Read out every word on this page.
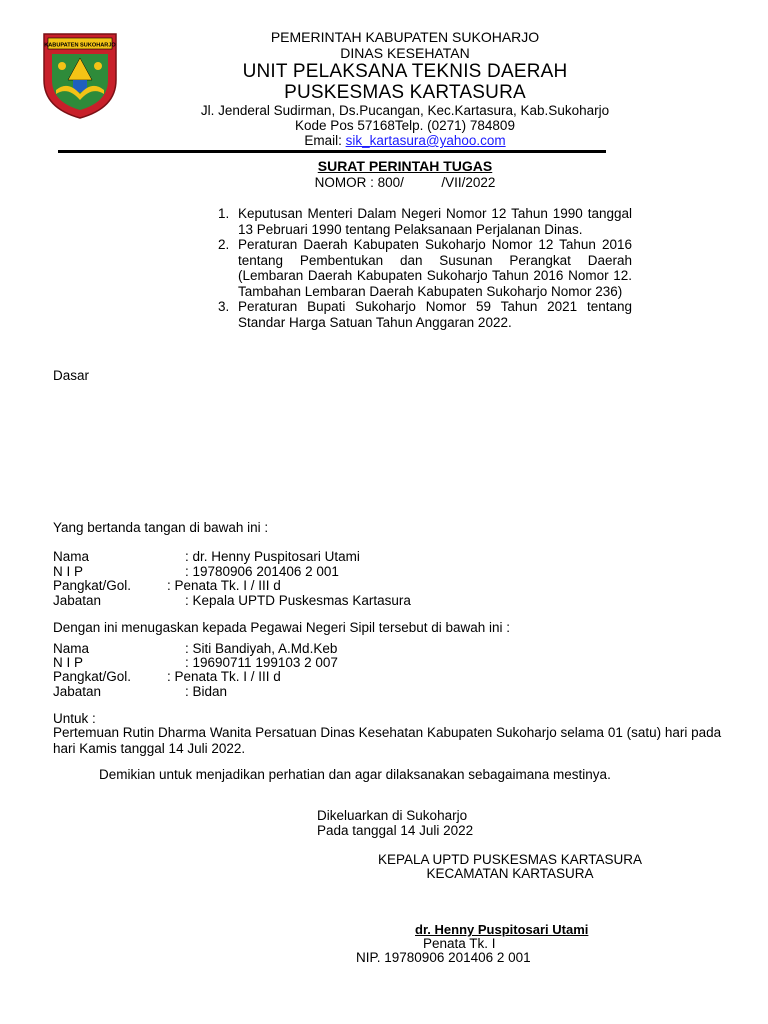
KABUPATEN SUKOHARJO
PEMERINTAH KABUPATEN SUKOHARJO
DINAS KESEHATAN
UNIT PELAKSANA TEKNIS DAERAH
PUSKESMAS KARTASURA
Jl. Jenderal Sudirman, Ds.Pucangan, Kec.Kartasura, Kab.Sukoharjo
Kode Pos 57168Telp. (0271) 784809
Email: sik_kartasura@yahoo.com
SURAT PERINTAH TUGAS
NOMOR : 800/          /VII/2022
1. Keputusan Menteri Dalam Negeri Nomor 12 Tahun 1990 tanggal 13 Pebruari 1990 tentang Pelaksanaan Perjalanan Dinas.
2. Peraturan Daerah Kabupaten Sukoharjo Nomor 12 Tahun 2016 tentang Pembentukan dan Susunan Perangkat Daerah (Lembaran Daerah Kabupaten Sukoharjo Tahun 2016 Nomor 12. Tambahan Lembaran Daerah Kabupaten Sukoharjo Nomor 236)
3. Peraturan Bupati Sukoharjo Nomor 59 Tahun 2021 tentang Standar Harga Satuan Tahun Anggaran 2022.
Dasar
Yang bertanda tangan di bawah ini :
Nama	: dr. Henny Puspitosari Utami
N I P	: 19780906 201406 2 001
Pangkat/Gol.	: Penata Tk. I / III d
Jabatan	: Kepala UPTD Puskesmas Kartasura
Dengan ini menugaskan kepada Pegawai Negeri Sipil tersebut di bawah ini :
Nama	: Siti Bandiyah, A.Md.Keb
N I P	: 19690711 199103 2 007
Pangkat/Gol.	: Penata Tk. I / III d
Jabatan	: Bidan
Untuk :
Pertemuan Rutin Dharma Wanita Persatuan Dinas Kesehatan Kabupaten Sukoharjo selama 01 (satu) hari pada hari Kamis tanggal 14 Juli 2022.
Demikian untuk menjadikan perhatian dan agar dilaksanakan sebagaimana mestinya.
Dikeluarkan di Sukoharjo
Pada tanggal 14 Juli 2022
KEPALA UPTD PUSKESMAS KARTASURA
KECAMATAN KARTASURA
dr. Henny Puspitosari Utami
Penata Tk. I
NIP. 19780906 201406 2 001
